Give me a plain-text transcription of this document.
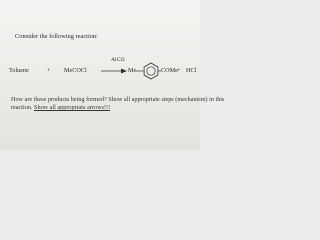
Consider the following reaction:
Toluene	+ MeCOCl
AlCl3
→ Me	COMe + HCl
How are these products being formed? Show all appropriate steps (mechanism) in this
reaction. Show all appropriate arrows!!!
